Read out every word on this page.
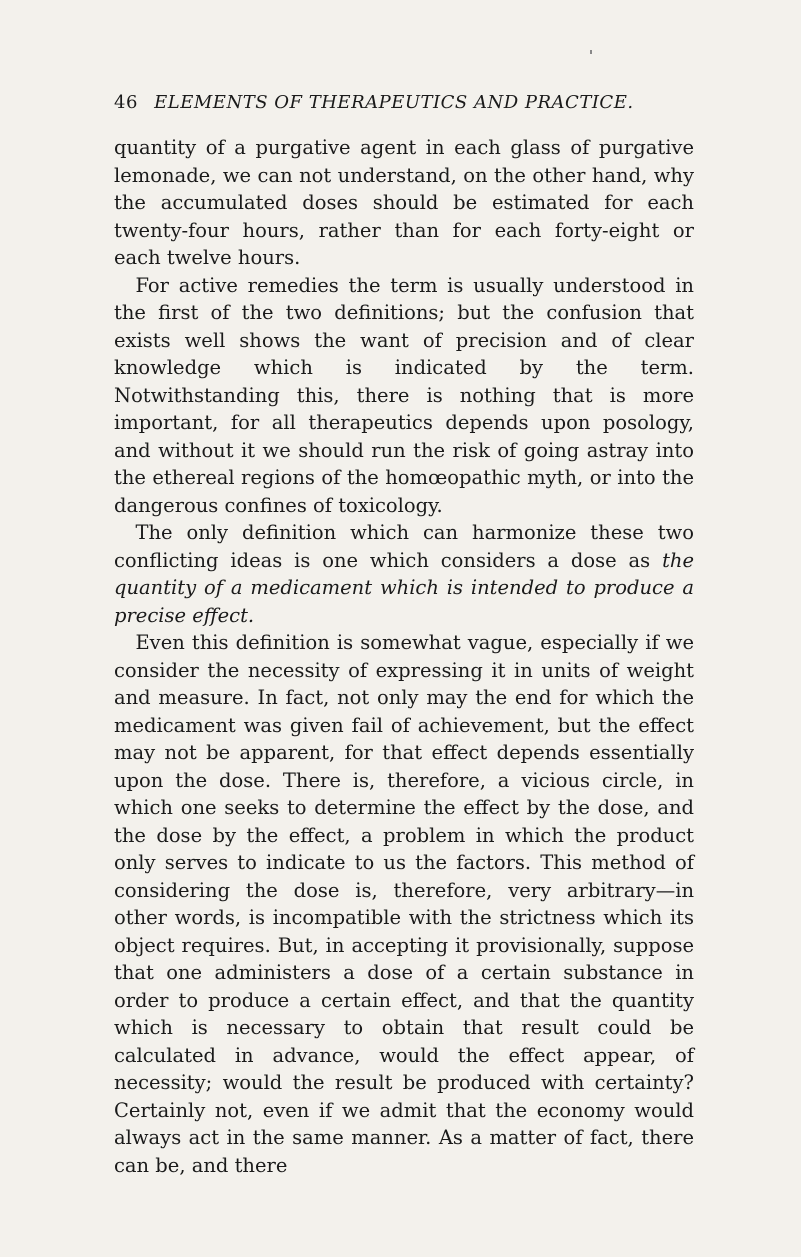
46 ELEMENTS OF THERAPEUTICS AND PRACTICE.

quantity of a purgative agent in each glass of purgative lemonade, we can not understand, on the other hand, why the accumulated doses should be estimated for each twenty-four hours, rather than for each forty-eight or each twelve hours.

For active remedies the term is usually understood in the first of the two definitions; but the confusion that exists well shows the want of precision and of clear knowledge which is indicated by the term. Notwithstanding this, there is nothing that is more important, for all therapeutics depends upon posology, and without it we should run the risk of going astray into the ethereal regions of the homœopathic myth, or into the dangerous confines of toxicology.

The only definition which can harmonize these two conflicting ideas is one which considers a dose as the quantity of a medicament which is intended to produce a precise effect.

Even this definition is somewhat vague, especially if we consider the necessity of expressing it in units of weight and measure. In fact, not only may the end for which the medicament was given fail of achievement, but the effect may not be apparent, for that effect depends essentially upon the dose. There is, therefore, a vicious circle, in which one seeks to determine the effect by the dose, and the dose by the effect, a problem in which the product only serves to indicate to us the factors. This method of considering the dose is, therefore, very arbitrary—in other words, is incompatible with the strictness which its object requires. But, in accepting it provisionally, suppose that one administers a dose of a certain substance in order to produce a certain effect, and that the quantity which is necessary to obtain that result could be calculated in advance, would the effect appear, of necessity; would the result be produced with certainty? Certainly not, even if we admit that the economy would always act in the same manner. As a matter of fact, there can be, and there
